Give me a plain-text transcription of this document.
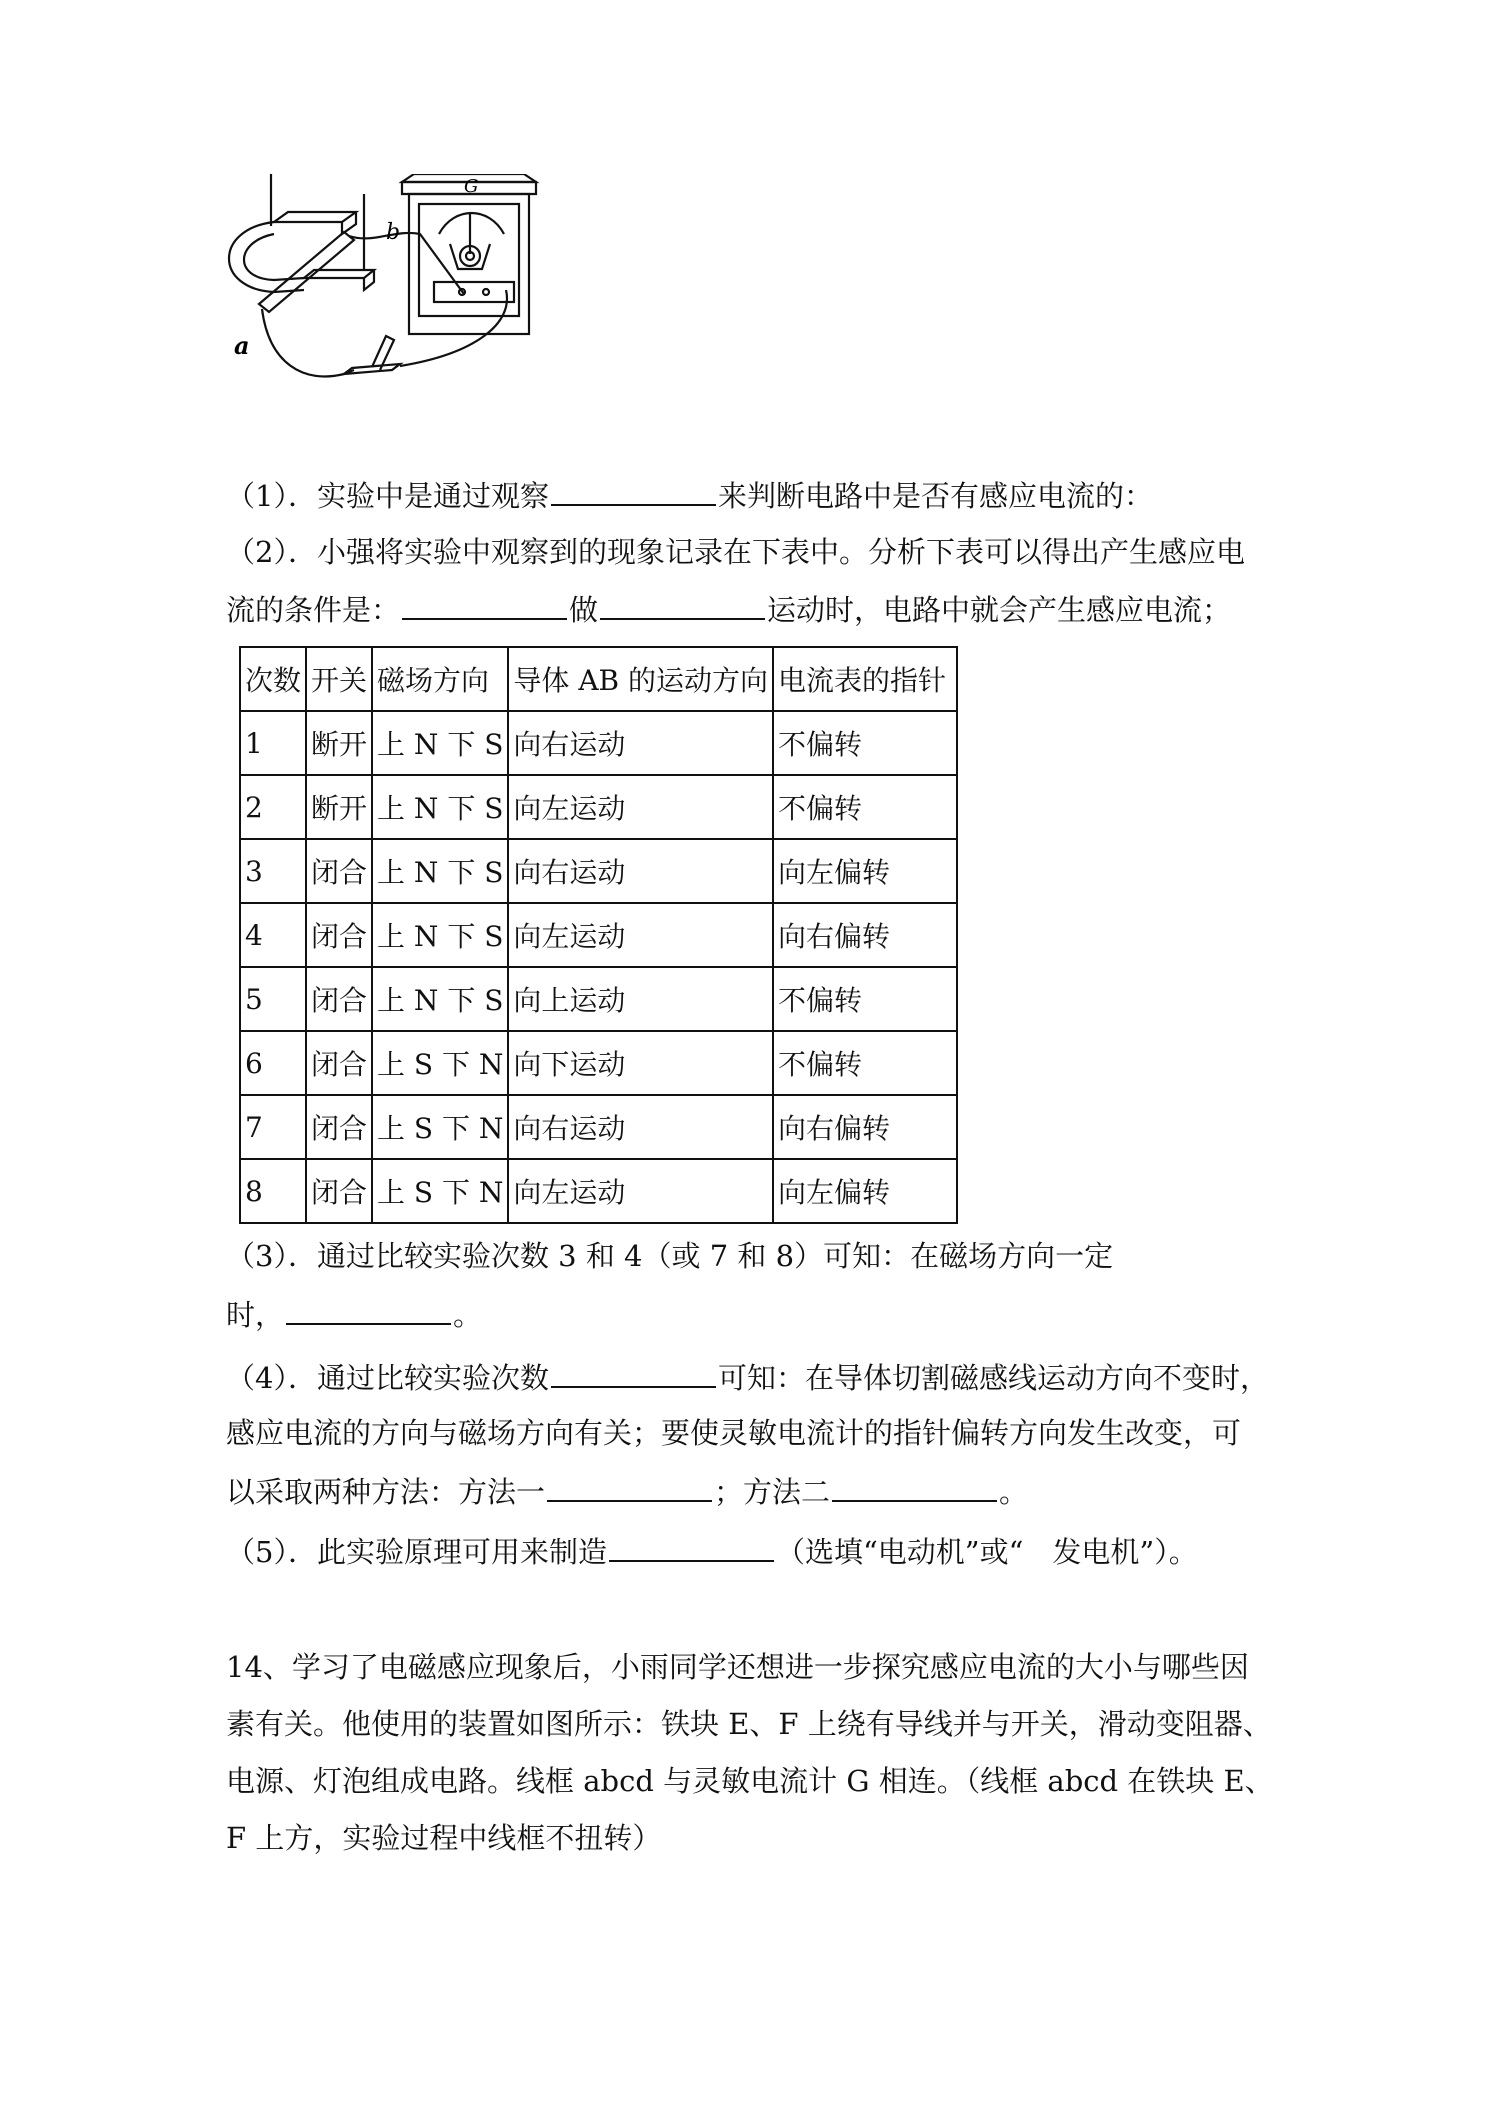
G
b
a
（1）．实验中是通过观察	来判断电路中是否有感应电流的：
（2）．小强将实验中观察到的现象记录在下表中。分析下表可以得出产生感应电
流的条件是：	做	运动时，电路中就会产生感应电流；
次数	开关	磁场方向	导体 AB 的运动方向	电流表的指针
1	断开	上 N 下 S	向右运动	不偏转
2	断开	上 N 下 S	向左运动	不偏转
3	闭合	上 N 下 S	向右运动	向左偏转
4	闭合	上 N 下 S	向左运动	向右偏转
5	闭合	上 N 下 S	向上运动	不偏转
6	闭合	上 S 下 N	向下运动	不偏转
7	闭合	上 S 下 N	向右运动	向右偏转
8	闭合	上 S 下 N	向左运动	向左偏转
（3）．通过比较实验次数 3 和 4（或 7 和 8）可知：在磁场方向一定
时，	。
（4）．通过比较实验次数	可知：在导体切割磁感线运动方向不变时，
感应电流的方向与磁场方向有关；要使灵敏电流计的指针偏转方向发生改变，可
以采取两种方法：方法一	；方法二	。
（5）．此实验原理可用来制造	（选填“电动机”或“　发电机”）。
14、学习了电磁感应现象后，小雨同学还想进一步探究感应电流的大小与哪些因
素有关。他使用的装置如图所示：铁块 E、F 上绕有导线并与开关，滑动变阻器、
电源、灯泡组成电路。线框 abcd 与灵敏电流计 G 相连。（线框 abcd 在铁块 E、
F 上方，实验过程中线框不扭转）
